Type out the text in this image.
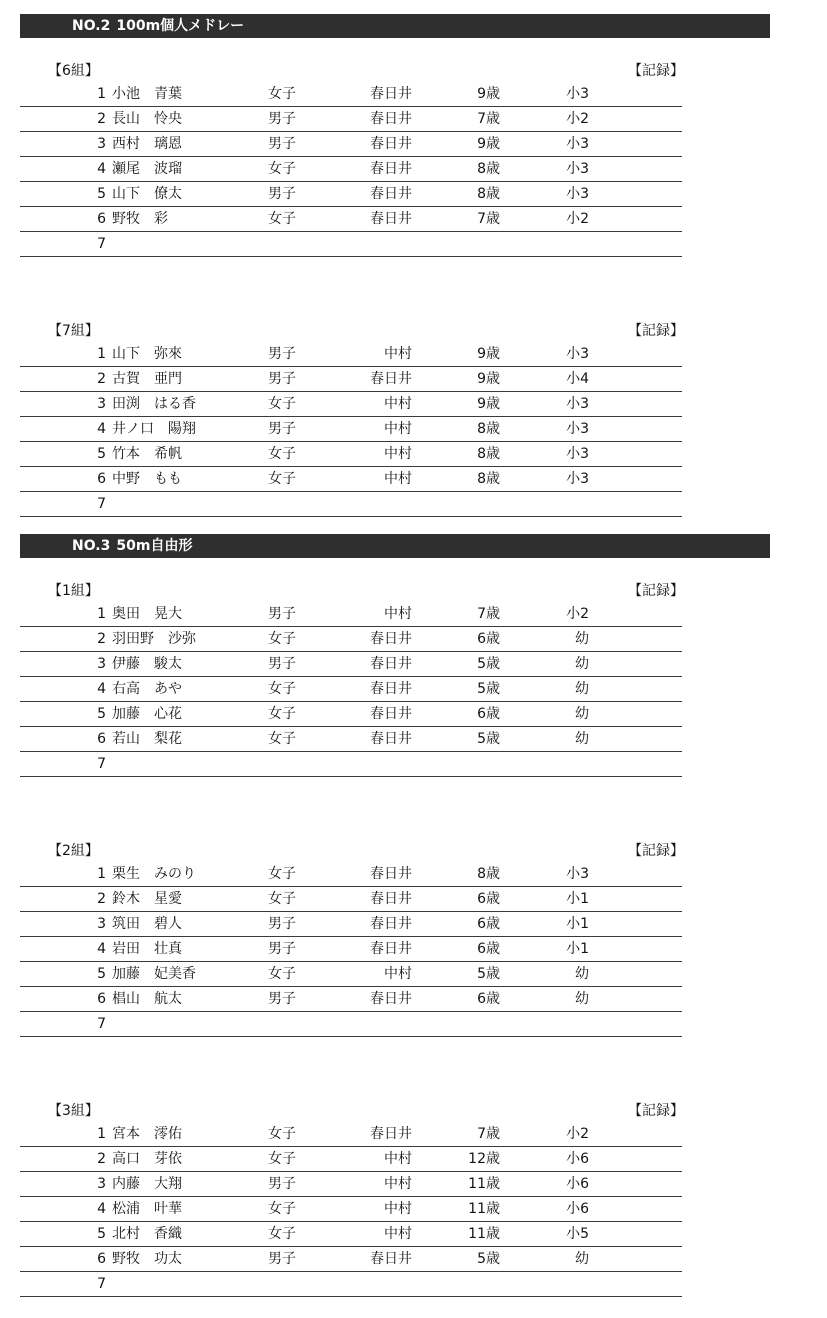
NO.2 100m個人メドレー
【6組】	【記録】
1 小池　青葉	女子	春日井	9歳	小3
2 長山　怜央	男子	春日井	7歳	小2
3 西村　璃恩	男子	春日井	9歳	小3
4 瀬尾　波瑠	女子	春日井	8歳	小3
5 山下　僚太	男子	春日井	8歳	小3
6 野牧　彩	女子	春日井	7歳	小2
7
【7組】	【記録】
1 山下　弥來	男子	中村	9歳	小3
2 古賀　亜門	男子	春日井	9歳	小4
3 田渕　はる香	女子	中村	9歳	小3
4 井ノ口　陽翔	男子	中村	8歳	小3
5 竹本　希帆	女子	中村	8歳	小3
6 中野　もも	女子	中村	8歳	小3
7
NO.3 50m自由形
【1組】	【記録】
1 奥田　晃大	男子	中村	7歳	小2
2 羽田野　沙弥	女子	春日井	6歳	幼
3 伊藤　駿太	男子	春日井	5歳	幼
4 右高　あや	女子	春日井	5歳	幼
5 加藤　心花	女子	春日井	6歳	幼
6 若山　梨花	女子	春日井	5歳	幼
7
【2組】	【記録】
1 栗生　みのり	女子	春日井	8歳	小3
2 鈴木　星愛	女子	春日井	6歳	小1
3 筑田　碧人	男子	春日井	6歳	小1
4 岩田　壮真	男子	春日井	6歳	小1
5 加藤　妃美香	女子	中村	5歳	幼
6 椙山　航太	男子	春日井	6歳	幼
7
【3組】	【記録】
1 宮本　澪佑	女子	春日井	7歳	小2
2 高口　芽依	女子	中村	12歳	小6
3 内藤　大翔	男子	中村	11歳	小6
4 松浦　叶華	女子	中村	11歳	小6
5 北村　香織	女子	中村	11歳	小5
6 野牧　功太	男子	春日井	5歳	幼
7
